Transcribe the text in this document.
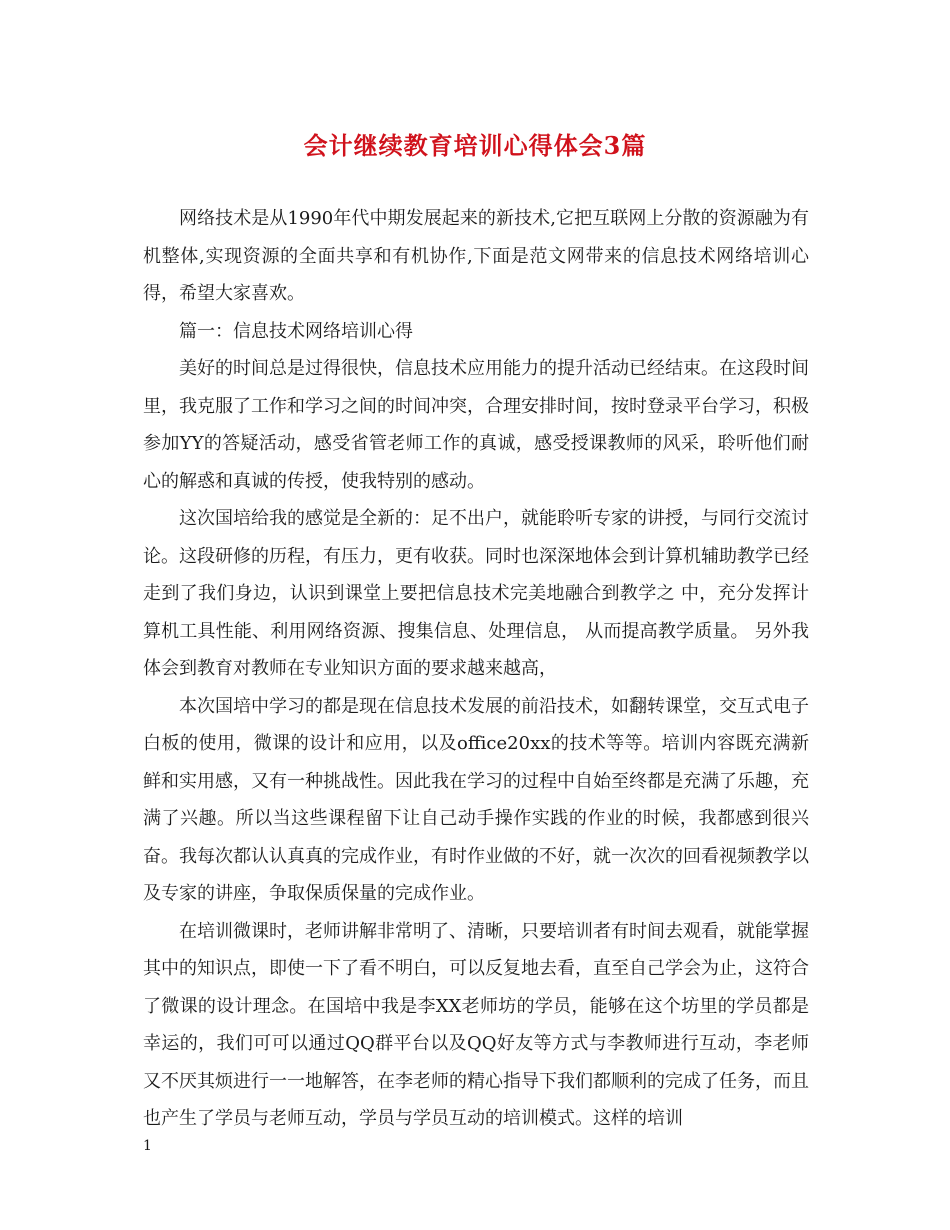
会计继续教育培训心得体会3篇

网络技术是从1990年代中期发展起来的新技术,它把互联网上分散的资源融为有机整体,实现资源的全面共享和有机协作,下面是范文网带来的信息技术网络培训心得，希望大家喜欢。

篇一：信息技术网络培训心得

美好的时间总是过得很快，信息技术应用能力的提升活动已经结束。在这段时间里，我克服了工作和学习之间的时间冲突，合理安排时间，按时登录平台学习，积极参加YY的答疑活动，感受省管老师工作的真诚，感受授课教师的风采，聆听他们耐心的解惑和真诚的传授，使我特别的感动。

这次国培给我的感觉是全新的：足不出户，就能聆听专家的讲授，与同行交流讨论。这段研修的历程，有压力，更有收获。同时也深深地体会到计算机辅助教学已经走到了我们身边，认识到课堂上要把信息技术完美地融合到教学之 中，充分发挥计算机工具性能、利用网络资源、搜集信息、处理信息， 从而提高教学质量。 另外我体会到教育对教师在专业知识方面的要求越来越高，

本次国培中学习的都是现在信息技术发展的前沿技术，如翻转课堂，交互式电子白板的使用，微课的设计和应用，以及office20xx的技术等等。培训内容既充满新鲜和实用感，又有一种挑战性。因此我在学习的过程中自始至终都是充满了乐趣，充满了兴趣。所以当这些课程留下让自己动手操作实践的作业的时候，我都感到很兴奋。我每次都认认真真的完成作业，有时作业做的不好，就一次次的回看视频教学以及专家的讲座，争取保质保量的完成作业。

在培训微课时，老师讲解非常明了、清晰，只要培训者有时间去观看，就能掌握其中的知识点，即使一下了看不明白，可以反复地去看，直至自己学会为止，这符合了微课的设计理念。在国培中我是李XX老师坊的学员，能够在这个坊里的学员都是幸运的，我们可可以通过QQ群平台以及QQ好友等方式与李教师进行互动，李老师又不厌其烦进行一一地解答，在李老师的精心指导下我们都顺利的完成了任务，而且也产生了学员与老师互动，学员与学员互动的培训模式。这样的培训

1
